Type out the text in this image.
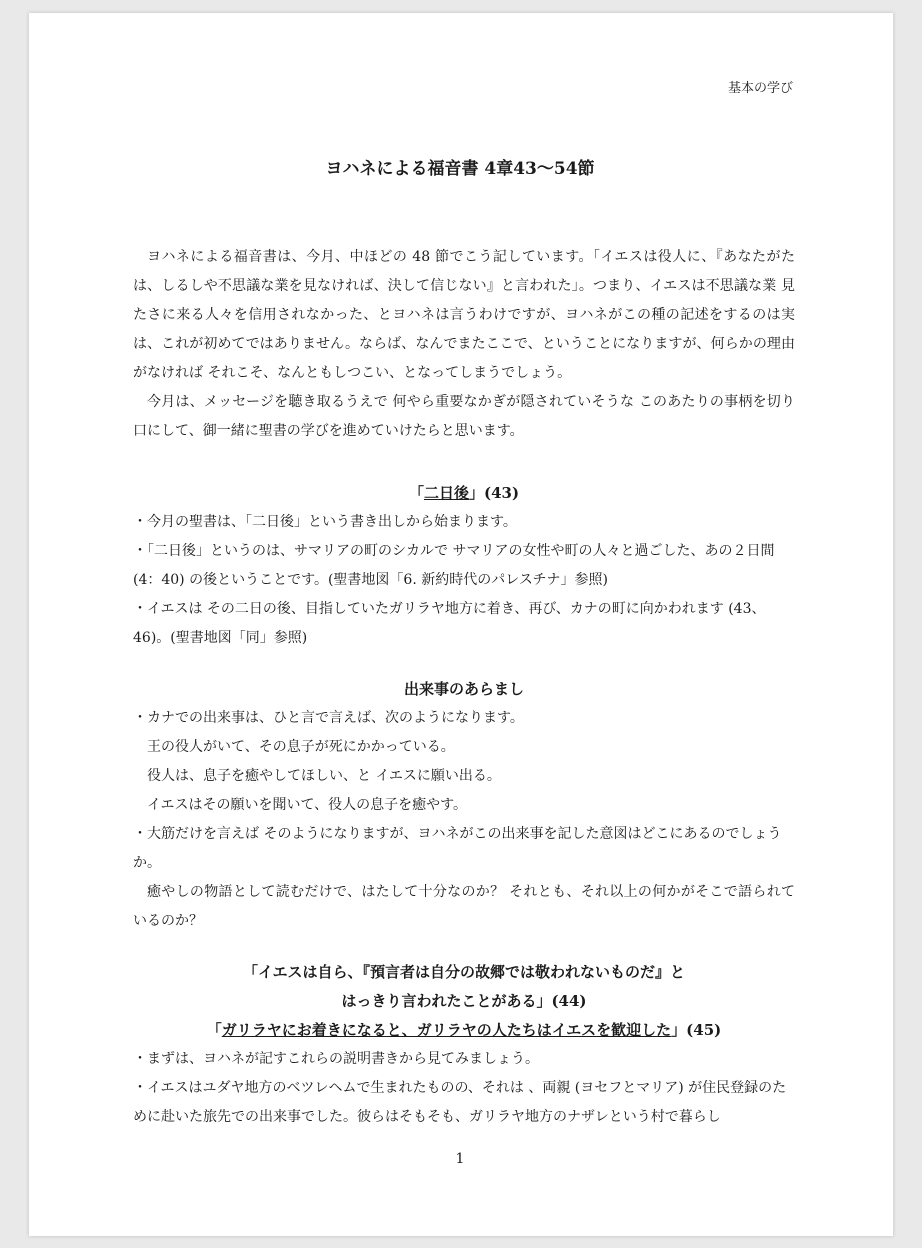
基本の学び
ヨハネによる福音書 4章43〜54節

ヨハネによる福音書は、今月、中ほどの 48 節でこう記しています。「イエスは役人に、『あなたがたは、しるしや不思議な業を見なければ、決して信じない』と言われた」。つまり、イエスは不思議な業 見たさに来る人々を信用されなかった、とヨハネは言うわけですが、ヨハネがこの種の記述をするのは実は、これが初めてではありません。ならば、なんでまたここで、ということになりますが、何らかの理由がなければ それこそ、なんともしつこい、となってしまうでしょう。

今月は、メッセージを聴き取るうえで 何やら重要なかぎが隠されていそうな このあたりの事柄を切り口にして、御一緒に聖書の学びを進めていけたらと思います。

「二日後」(43)

・今月の聖書は、「二日後」という書き出しから始まります。

・「二日後」というのは、サマリアの町のシカルで サマリアの女性や町の人々と過ごした、あの２日間 (4：40) の後ということです。(聖書地図「6. 新約時代のパレスチナ」参照)

・イエスは その二日の後、目指していたガリラヤ地方に着き、再び、カナの町に向かわれます (43、46)。(聖書地図「同」参照)

出来事のあらまし

・カナでの出来事は、ひと言で言えば、次のようになります。

王の役人がいて、その息子が死にかかっている。

役人は、息子を癒やしてほしい、と イエスに願い出る。

イエスはその願いを聞いて、役人の息子を癒やす。

・大筋だけを言えば そのようになりますが、ヨハネがこの出来事を記した意図はどこにあるのでしょうか。

癒やしの物語として読むだけで、はたして十分なのか？ それとも、それ以上の何かがそこで語られているのか？

「イエスは自ら、『預言者は自分の故郷では敬われないものだ』と
はっきり言われたことがある」(44)
「ガリラヤにお着きになると、ガリラヤの人たちはイエスを歓迎した」(45)

・まずは、ヨハネが記すこれらの説明書きから見てみましょう。

・イエスはユダヤ地方のベツレヘムで生まれたものの、それは 、両親 (ヨセフとマリア) が住民登録のために赴いた旅先での出来事でした。彼らはそもそも、ガリラヤ地方のナザレという村で暮らし

1
